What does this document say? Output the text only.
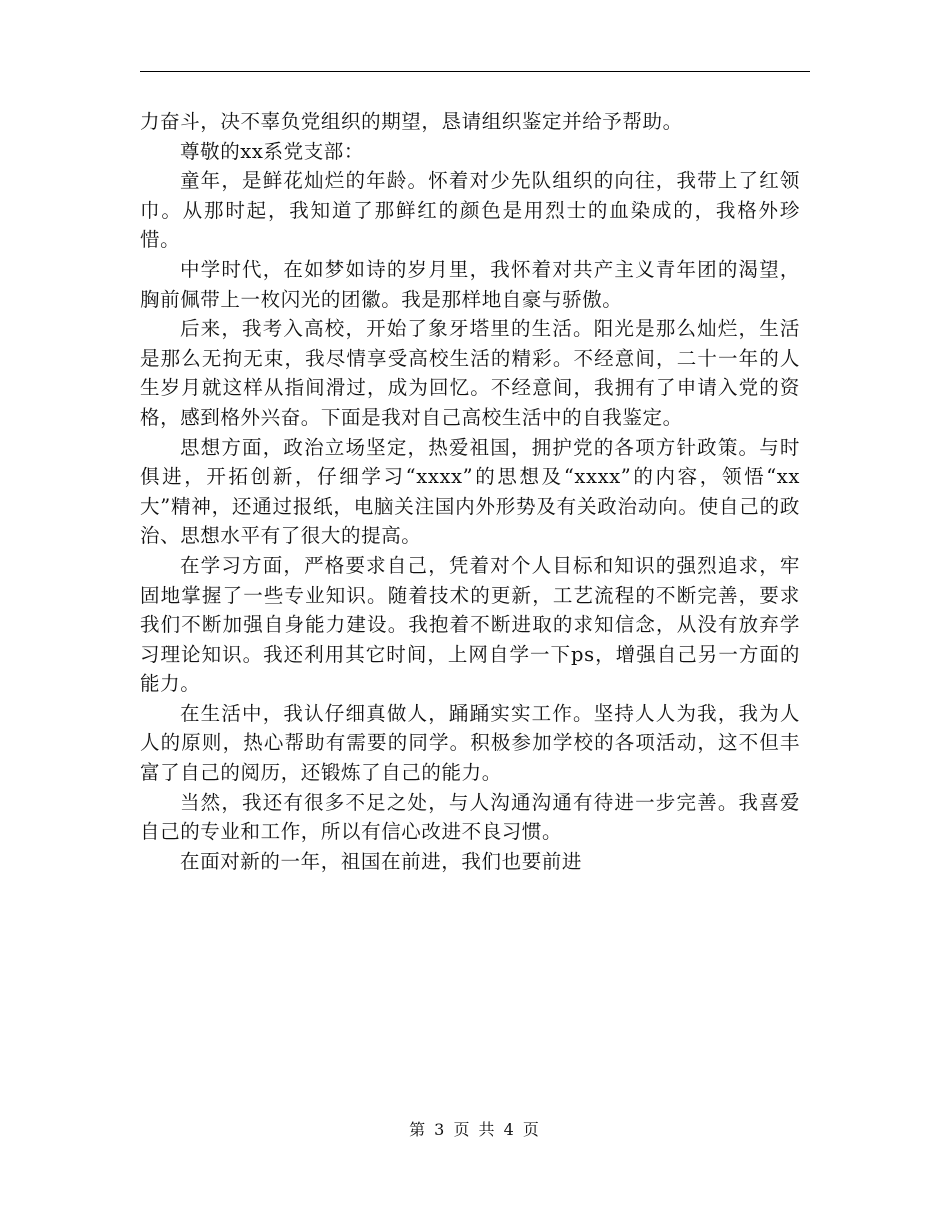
力奋斗，决不辜负党组织的期望，恳请组织鉴定并给予帮助。

尊敬的xx系党支部：

童年，是鲜花灿烂的年龄。怀着对少先队组织的向往，我带上了红领巾。从那时起，我知道了那鲜红的颜色是用烈士的血染成的，我格外珍惜。

中学时代，在如梦如诗的岁月里，我怀着对共产主义青年团的渴望，胸前佩带上一枚闪光的团徽。我是那样地自豪与骄傲。

后来，我考入高校，开始了象牙塔里的生活。阳光是那么灿烂，生活是那么无拘无束，我尽情享受高校生活的精彩。不经意间，二十一年的人生岁月就这样从指间滑过，成为回忆。不经意间，我拥有了申请入党的资格，感到格外兴奋。下面是我对自己高校生活中的自我鉴定。

思想方面，政治立场坚定，热爱祖国，拥护党的各项方针政策。与时俱进，开拓创新，仔细学习“xxxx”的思想及“xxxx”的内容，领悟“xx大”精神，还通过报纸，电脑关注国内外形势及有关政治动向。使自己的政治、思想水平有了很大的提高。

在学习方面，严格要求自己，凭着对个人目标和知识的强烈追求，牢固地掌握了一些专业知识。随着技术的更新，工艺流程的不断完善，要求我们不断加强自身能力建设。我抱着不断进取的求知信念，从没有放弃学习理论知识。我还利用其它时间，上网自学一下ps，增强自己另一方面的能力。

在生活中，我认仔细真做人，踊踊实实工作。坚持人人为我，我为人人的原则，热心帮助有需要的同学。积极参加学校的各项活动，这不但丰富了自己的阅历，还锻炼了自己的能力。

当然，我还有很多不足之处，与人沟通沟通有待进一步完善。我喜爱自己的专业和工作，所以有信心改进不良习惯。

在面对新的一年，祖国在前进，我们也要前进

第 3 页 共 4 页
